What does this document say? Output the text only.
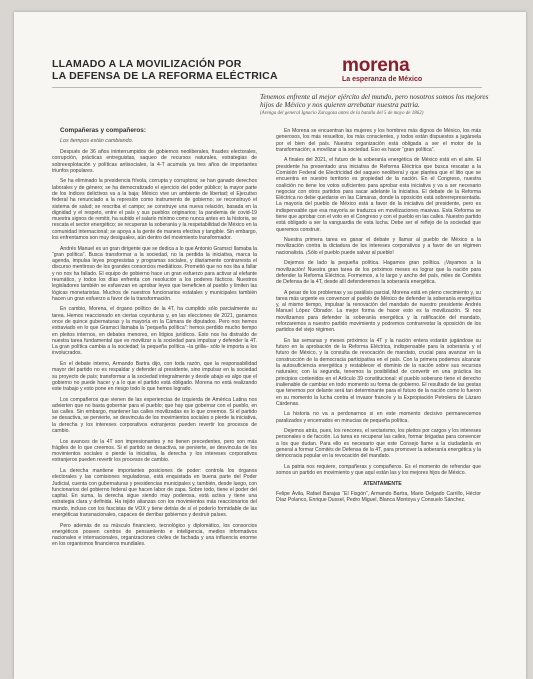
LLAMADO A LA MOVILIZACIÓN POR
LA DEFENSA DE LA REFORMA ELÉCTRICA	morena
La esperanza de México
Tenemos enfrente al mejor ejército del mundo, pero nosotros somos los mejores hijos de México y nos quieren arrebatar nuestra patria.
(Arenga del general Ignacio Zaragoza antes de la batalla del 5 de mayo de 1862)

Compañeras y compañeros:

Los tiempos están cambiando.

Después de 36 años ininterrumpidos de gobiernos neoliberales, fraudes electorales, corrupción, prácticas entreguistas, saqueo de recursos naturales, estrategias de sobreexplotación y políticas antisociales, la 4-T acumula ya tres años de importantes triunfos populares.

Se ha eliminado la presidencia frívola, corrupta y corruptora; se han ganado derechos laborales y de género; se ha democratizado el ejercicio del poder público; la mayor parte de los índices delictivos va a la baja; México vive un ambiente de libertad; el Ejecutivo federal ha renunciado a la represión como instrumento de gobierno; se reconstruyó el sistema de salud; se rescriba el campo; se construye una nueva relación, basada en la dignidad y el respeto, entre el país y sus pueblos originarios; la pandemia de covid-19 muestra signos de remitir, ha subido el salario mínimo como nunca antes en la historia, se rescata el sector energético; se recuperan la soberanía y la respetabilidad de México en la comunidad internacional; se apoya a la gente de manera efectiva y tangible. Sin embargo, los enfrentamos son muy desiguales, aún dentro del movimiento transformador.

Andrés Manuel es un gran dirigente que se dedica a lo que Antonio Gramsci llamaba la “gran política”. Busca transformar a la sociedad, no la perdida la iniciativa, marca la agenda, impulsa leyes progresistas y programas sociales, y diariamente contrarresta el discurso mentiroso de los grandes consorcios mediáticos. Prometió que no nos iba a fallar y no nos ha fallado. El equipo de gobierno hace un gran esfuerzo para activar al elefante reumático, y todos los días enfrenta con resolución a los poderes fácticos. Nuestros legisladores también se esfuerzan en aprobar leyes que beneficien al pueblo y limiten las lógicas monetaristas. Muchos de nuestros funcionarios estatales y municipales también hacen un gran esfuerzo a favor de la transformación.

En cambio, Morena, el órgano político de la 4T, ha cumplido sólo parcialmente su tarea. Hemos reaccionado en ciertas coyunturas y, en las elecciones de 2021, ganamos once de quince gubernaturas y la mayoría en la Cámara de diputados. Pero nos hemos extraviado en lo que Gramsci llamaba la “pequeña política”: hemos perdido mucho tiempo en pleitos internos, en debates menores, en litigios jurídicos. Esto nos ha distraído de nuestra tarea fundamental que es movilizar a la sociedad para impulsar y defender la 4T. La gran política cambia a la sociedad; la pequeña política –la grilla– sólo le importa a los involucrados.

En el debate interno, Armando Bartra dijo, con toda razón, que la responsabilidad mayor del partido no es respaldar y defender al presidente, sino impulsar en la sociedad su proyecto de país; transformar a la sociedad integralmente y desde abajo es algo que el gobierno no puede hacer y a lo que el partido está obligado. Morena no está realizando este trabajo y esto pone en riesgo todo lo que hemos logrado.

Los compañeros que vienen de las experiencias de izquierda de América Latina nos advierten que no basta gobernar para el pueblo; que hay que gobernar con el pueblo, en las calles. Sin embargo, mantener las calles movilizadas es lo que creemos. Si el partido se desactiva, se pervierte, se desvincula de los movimientos sociales o pierde la iniciativa, la derecha y los intereses corporativos extranjeros pueden revertir los procesos de cambio.

Los avances de la 4T son impresionantes y no tienen precedentes, pero son más frágiles de lo que creemos. Si el partido se desactiva, se pervierte, se desvincula de los movimientos sociales o pierde la iniciativa, la derecha y los intereses corporativos extranjeros pueden revertir los procesos de cambio.

La derecha mantiene importantes posiciones de poder: controla los órganos electorales y las comisiones reguladoras, está enquistada en buena parte del Poder Judicial, cuenta con gubernaturas y presidencias municipales y, también, desde luego, con funcionarios del gobierno federal que hacen labor de zapa. Sobre todo, tiene el poder del capital. En suma, la derecha sigue siendo muy poderosa, está activa y tiene una estrategia clara y definida. Ha tejido alianzas con los movimientos más reaccionarios del mundo, incluso con los fascistas de VOX y tiene detrás de sí el poderío formidable de las energéticas transnacionales, capaces de derribar gobiernos y destruir países.

Pero además de su músculo financiero, tecnológico y diplomático, los consorcios energéticos poseen centros de pensamiento e inteligencia, medios informativos nacionales e internacionales, organizaciones civiles de fachada y una influencia enorme en los organismos financieros mundiales.

En Morena se encuentran las mujeres y los hombres más dignos de México, los más generosos, los más resueltos, los más conscientes, y todos están dispuestos a jugársela por el bien del país. Nuestra organización está obligada a ser el motor de la transformación; a movilizar a la sociedad. Eso es hacer “gran política”.

A finales del 2021, el futuro de la soberanía energética de México está en el aire. El presidente ha presentado una iniciativa de Reforma Eléctrica que busca rescatar a la Comisión Federal de Electricidad del saqueo neoliberal y que plantea que el litio que se encuentra en nuestro territorio es propiedad de la nación. En el Congreso, nuestra coalición no tiene los votos suficientes para aprobar esta iniciativa y va a ser necesario negociar con otros partidos para sacar adelante la iniciativa. El debate de la Reforma Eléctrica no debe quedarse en las Cámaras, donde la oposición está sobrerrepresentada. La mayoría del pueblo de México está a favor de la iniciativa del presidente, pero es indispensable que esa mayoría se traduzca en movilizaciones masivas. Esta Reforma se tiene que aprobar con el voto en el Congreso y con el pueblo en las calles. Nuestro partido está obligado a ser la vanguardia de esta lucha. Debe ser el reflejo de la sociedad que queremos construir.

Nuestra primera tarea es ganar el debate y llamar al pueblo de México a la movilización contra la dictadura de los intereses corporativos y a favor de un régimen nacionalista. ¡Sólo el pueblo puede salvar al pueblo!

Dejemos de lado la pequeña política. Hagamos gran política. ¡Vayamos a la movilización! Nuestra gran tarea de los próximos meses es lograr que la nación para defender la Reforma Eléctrica. Formemos, a lo largo y ancho del país, miles de Comités de Defensa de la 4T, desde allí defenderemos la soberanía energética.

A pesar de los problemas y su parálisis parcial, Morena está en pleno crecimiento y, su tarea más urgente es convencer al pueblo de México de defender la soberanía energética y, al mismo tiempo, impulsar la renovación del mandato de nuestro presidente Andrés Manuel López Obrador. La mejor forma de hacer esto es la movilización. Si nos movilizamos para defender la soberanía energética y la ratificación del mandato, reforzaremos a nuestro partido movimiento y podremos contrarrestar la oposición de los partidos del viejo régimen.

En las semanas y meses próximos la 4T y la nación entera estarán jugándose su futuro en la aprobación de la Reforma Eléctrica, indispensable para la soberanía y el futuro de México, y la consulta de revocación de mandato, crucial para avanzar en la construcción de la democracia participativa en el país. Con la primera podemos alcanzar la autosuficiencia energética y restablecer el dominio de la nación sobre sus recursos naturales; con la segunda, tenemos la posibilidad de convertir en una práctica los principios contenidos en el Artículo 39 constitucional: el pueblo soberano tiene el derecho inalienable de cambiar en todo momento su forma de gobierno. El resultado de las gestas que tenemos por delante será tan determinante para el futuro de la nación como lo fueron en su momento la lucha contra el invasor francés y la Expropiación Petrolera de Lázaro Cárdenas.

La historia no va a perdonarnos si en este momento decisivo permanecemos paralizados y encerrados en minucias de pequeña política.

Dejemos atrás, pues, los rencores, el sectarismo, los pleitos por cargos y los intereses personales o de facción. La tarea es recuperar las calles, formar brigadas para convencer a los que dudan. Para ello es necesario que este Consejo llame a la ciudadanía en general a formar Comités de Defensa de la 4T, para promover la soberanía energética y la democracia popular en la revocación del mandato.

La patria nos requiere, compañeras y compañeros. Es el momento de refrendar que somos un partido en movimiento y que aquí están las y los mejores hijos de México.

ATENTAMENTE

Felipe Ávila, Rafael Barajas “El Fisgón”, Armando Bartra, Mario Delgado Carrillo, Héctor Díaz Polanco, Enrique Dussel, Pedro Miguel, Blanca Montoya y Consuelo Sánchez.
